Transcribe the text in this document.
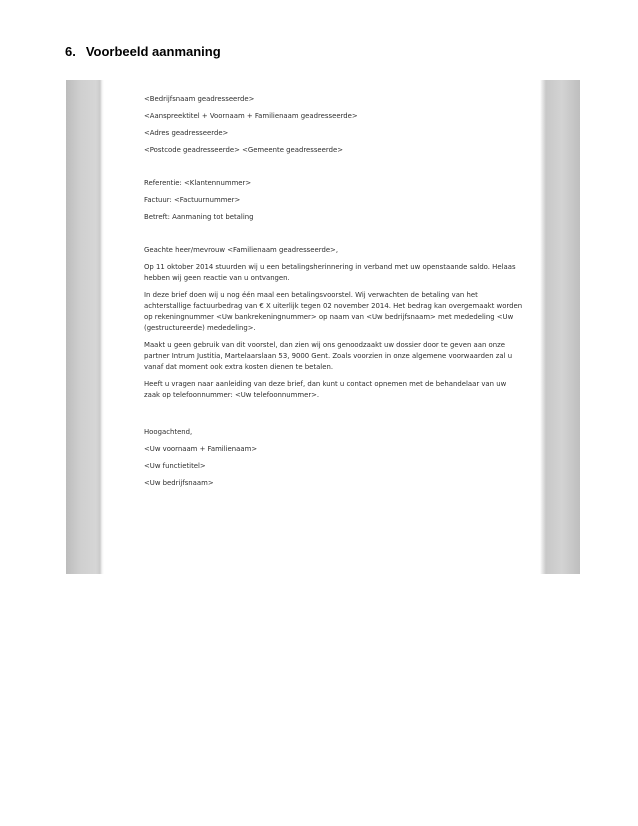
6. Voorbeeld aanmaning

<Bedrijfsnaam geadresseerde>

<Aanspreektitel + Voornaam + Familienaam geadresseerde>

<Adres geadresseerde>

<Postcode geadresseerde> <Gemeente geadresseerde>

Referentie: <Klantennummer>

Factuur: <Factuurnummer>

Betreft: Aanmaning tot betaling

Geachte heer/mevrouw <Familienaam geadresseerde>,

Op 11 oktober 2014 stuurden wij u een betalingsherinnering in verband met uw openstaande saldo. Helaas hebben wij geen reactie van u ontvangen.

In deze brief doen wij u nog één maal een betalingsvoorstel. Wij verwachten de betaling van het achterstallige factuurbedrag van € X uiterlijk tegen 02 november 2014. Het bedrag kan overgemaakt worden op rekeningnummer <Uw bankrekeningnummer> op naam van <Uw bedrijfsnaam> met mededeling <Uw (gestructureerde) mededeling>.

Maakt u geen gebruik van dit voorstel, dan zien wij ons genoodzaakt uw dossier door te geven aan onze partner Intrum Justitia, Martelaarslaan 53, 9000 Gent. Zoals voorzien in onze algemene voorwaarden zal u vanaf dat moment ook extra kosten dienen te betalen.

Heeft u vragen naar aanleiding van deze brief, dan kunt u contact opnemen met de behandelaar van uw zaak op telefoonnummer: <Uw telefoonnummer>.

Hoogachtend,

<Uw voornaam + Familienaam>

<Uw functietitel>

<Uw bedrijfsnaam>
